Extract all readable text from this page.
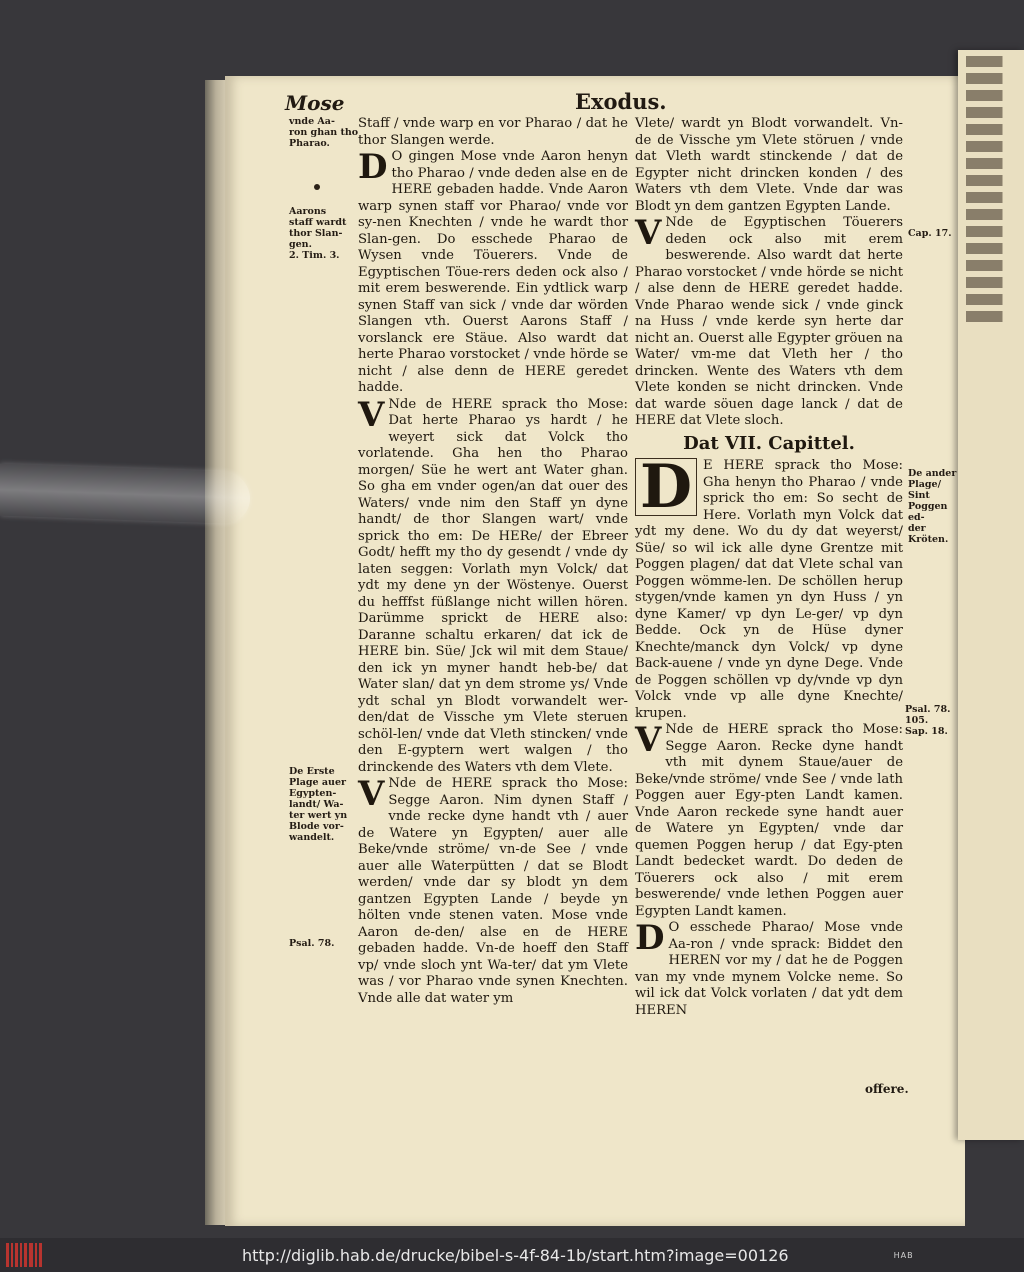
Mose	Exodus.
vnde Aa-
ron ghan tho
Pharao.
Aarons
staff wardt
thor Slan-
gen.
2. Tim. 3.
De Erste
Plage auer
Egypten-
landt/ Wa-
ter wert yn
Blode vor-
wandelt.
Psal. 78.
Cap. 17.
De ander
Plage/ Sint
Poggen ed-
der Kröten.
Psal. 78. 105.
Sap. 18.

Staff / vnde warp en vor Pharao / dat he thor Slangen werde.

D O gingen Mose vnde Aaron henyn tho Pharao / vnde deden alse en de HERE gebaden hadde. Vnde Aaron warp synen staff vor Pharao/ vnde vor sy-nen Knechten / vnde he wardt thor Slan-gen. Do esschede Pharao de Wysen vnde Töuerers. Vnde de Egyptischen Töue-rers deden ock also / mit erem beswerende. Ein ydtlick warp synen Staff van sick / vnde dar wörden Slangen vth. Ouerst Aarons Staff / vorslanck ere Stäue. Also wardt dat herte Pharao vorstocket / vnde hörde se nicht / alse denn de HERE geredet hadde.

V Nde de HERE sprack tho Mose: Dat herte Pharao ys hardt / he weyert sick dat Volck tho vorlatende. Gha hen tho Pharao morgen/ Süe he wert ant Water ghan. So gha em vnder ogen/an dat ouer des Waters/ vnde nim den Staff yn dyne handt/ de thor Slangen wart/ vnde sprick tho em: De HERe/ der Ebreer Godt/ hefft my tho dy gesendt / vnde dy laten seggen: Vorlath myn Volck/ dat ydt my dene yn der Wöstenye. Ouerst du hefffst füßlange nicht willen hören. Darümme sprickt de HERE also: Daranne schaltu erkaren/ dat ick de HERE bin. Süe/ Jck wil mit dem Staue/ den ick yn myner handt heb-be/ dat Water slan/ dat yn dem strome ys/ Vnde ydt schal yn Blodt vorwandelt wer-den/dat de Vissche ym Vlete steruen schöl-len/ vnde dat Vleth stincken/ vnde den E-gyptern wert walgen / tho drinckende des Waters vth dem Vlete.

V Nde de HERE sprack tho Mose: Segge Aaron. Nim dynen Staff / vnde recke dyne handt vth / auer de Watere yn Egypten/ auer alle Beke/vnde ströme/ vn-de See / vnde auer alle Waterpütten / dat se Blodt werden/ vnde dar sy blodt yn dem gantzen Egypten Lande / beyde yn hölten vnde stenen vaten. Mose vnde Aaron de-den/ alse en de HERE gebaden hadde. Vn-de hoeff den Staff vp/ vnde sloch ynt Wa-ter/ dat ym Vlete was / vor Pharao vnde synen Knechten. Vnde alle dat water ym

Vlete/ wardt yn Blodt vorwandelt. Vn-de de Vissche ym Vlete störuen / vnde dat Vleth wardt stinckende / dat de Egypter nicht drincken konden / des Waters vth dem Vlete. Vnde dar was Blodt yn dem gantzen Egypten Lande.

V Nde de Egyptischen Töuerers deden ock also mit erem beswerende. Also wardt dat herte Pharao vorstocket / vnde hörde se nicht / alse denn de HERE geredet hadde. Vnde Pharao wende sick / vnde ginck na Huss / vnde kerde syn herte dar nicht an. Ouerst alle Egypter gröuen na Water/ vm-me dat Vleth her / tho drincken. Wente des Waters vth dem Vlete konden se nicht drincken. Vnde dat warde söuen dage lanck / dat de HERE dat Vlete sloch.

Dat VII. Capittel.

D E HERE sprack tho Mose: Gha henyn tho Pharao / vnde sprick tho em: So secht de Here. Vorlath myn Volck dat ydt my dene. Wo du dy dat weyerst/ Süe/ so wil ick alle dyne Grentze mit Poggen plagen/ dat dat Vlete schal van Poggen wömme-len. De schöllen herup stygen/vnde kamen yn dyn Huss / yn dyne Kamer/ vp dyn Le-ger/ vp dyn Bedde. Ock yn de Hüse dyner Knechte/manck dyn Volck/ vp dyne Back-auene / vnde yn dyne Dege. Vnde de Poggen schöllen vp dy/vnde vp dyn Volck vnde vp alle dyne Knechte/ krupen.

V Nde de HERE sprack tho Mose: Segge Aaron. Recke dyne handt vth mit dynem Staue/auer de Beke/vnde ströme/ vnde See / vnde lath Poggen auer Egy-pten Landt kamen. Vnde Aaron reckede syne handt auer de Watere yn Egypten/ vnde dar quemen Poggen herup / dat Egy-pten Landt bedecket wardt. Do deden de Töuerers ock also / mit erem beswerende/ vnde lethen Poggen auer Egypten Landt kamen.

D O esschede Pharao/ Mose vnde Aa-ron / vnde sprack: Biddet den HEREN vor my / dat he de Poggen van my vnde mynem Volcke neme. So wil ick dat Volck vorlaten / dat ydt dem HEREN

offere.
http://diglib.hab.de/drucke/bibel-s-4f-84-1b/start.htm?image=00126	HAB
